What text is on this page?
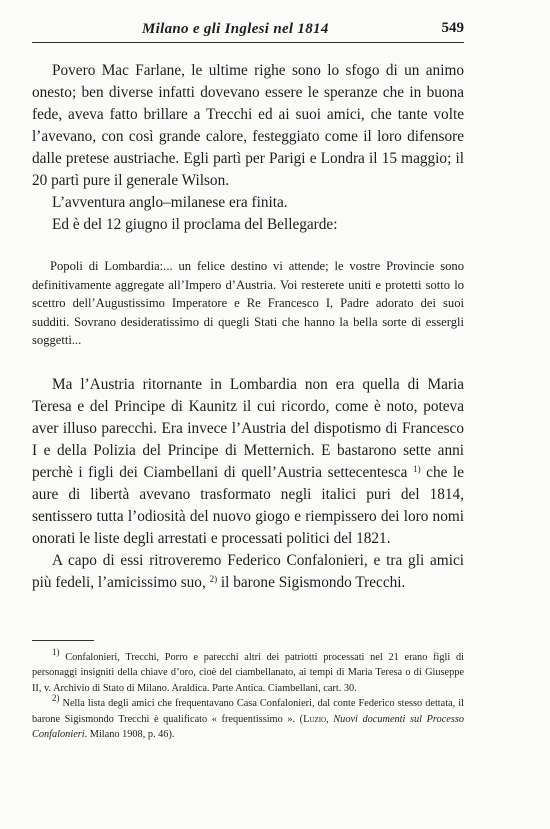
Milano e gli Inglesi nel 1814	549

Povero Mac Farlane, le ultime righe sono lo sfogo di un animo onesto; ben diverse infatti dovevano essere le speranze che in buona fede, aveva fatto brillare a Trecchi ed ai suoi amici, che tante volte l’avevano, con così grande calore, festeggiato come il loro difensore dalle pretese austriache. Egli partì per Parigi e Londra il 15 maggio; il 20 partì pure il generale Wilson.

L’avventura anglo–milanese era finita.

Ed è del 12 giugno il proclama del Bellegarde:

Popoli di Lombardia:... un felice destino vi attende; le vostre Provincie sono definitivamente aggregate all’Impero d’Austria. Voi resterete uniti e protetti sotto lo scettro dell’Augustissimo Imperatore e Re Francesco I, Padre adorato dei suoi sudditi. Sovrano desideratissimo di quegli Stati che hanno la bella sorte di essergli soggetti...

Ma l’Austria ritornante in Lombardia non era quella di Maria Teresa e del Principe di Kaunitz il cui ricordo, come è noto, poteva aver illuso parecchi. Era invece l’Austria del dispotismo di Francesco I e della Polizia del Principe di Metternich. E bastarono sette anni perchè i figli dei Ciambellani di quell’Austria settecentesca $^{1)}$ che le aure di libertà avevano trasformato negli italici puri del 1814, sentissero tutta l’odiosità del nuovo giogo e riempissero dei loro nomi onorati le liste degli arrestati e processati politici del 1821.

A capo di essi ritroveremo Federico Confalonieri, e tra gli amici più fedeli, l’amicissimo suo, $^{2)}$ il barone Sigismondo Trecchi.

$^{1)}$ Confalonieri, Trecchi, Porro e parecchi altri dei patriotti processati nel 21 erano figli di personaggi insigniti della chiave d’oro, cioè del ciambellanato, ai tempi di Maria Teresa o di Giuseppe II, v. Archivio di Stato di Milano. Araldica. Parte Antica. Ciambellani, cart. 30.

$^{2)}$ Nella lista degli amici che frequentavano Casa Confalonieri, dal conte Federico stesso dettata, il barone Sigismondo Trecchi è qualificato « frequentissimo ». (Luzio, Nuovi documenti sul Processo Confalonieri. Milano 1908, p. 46).
